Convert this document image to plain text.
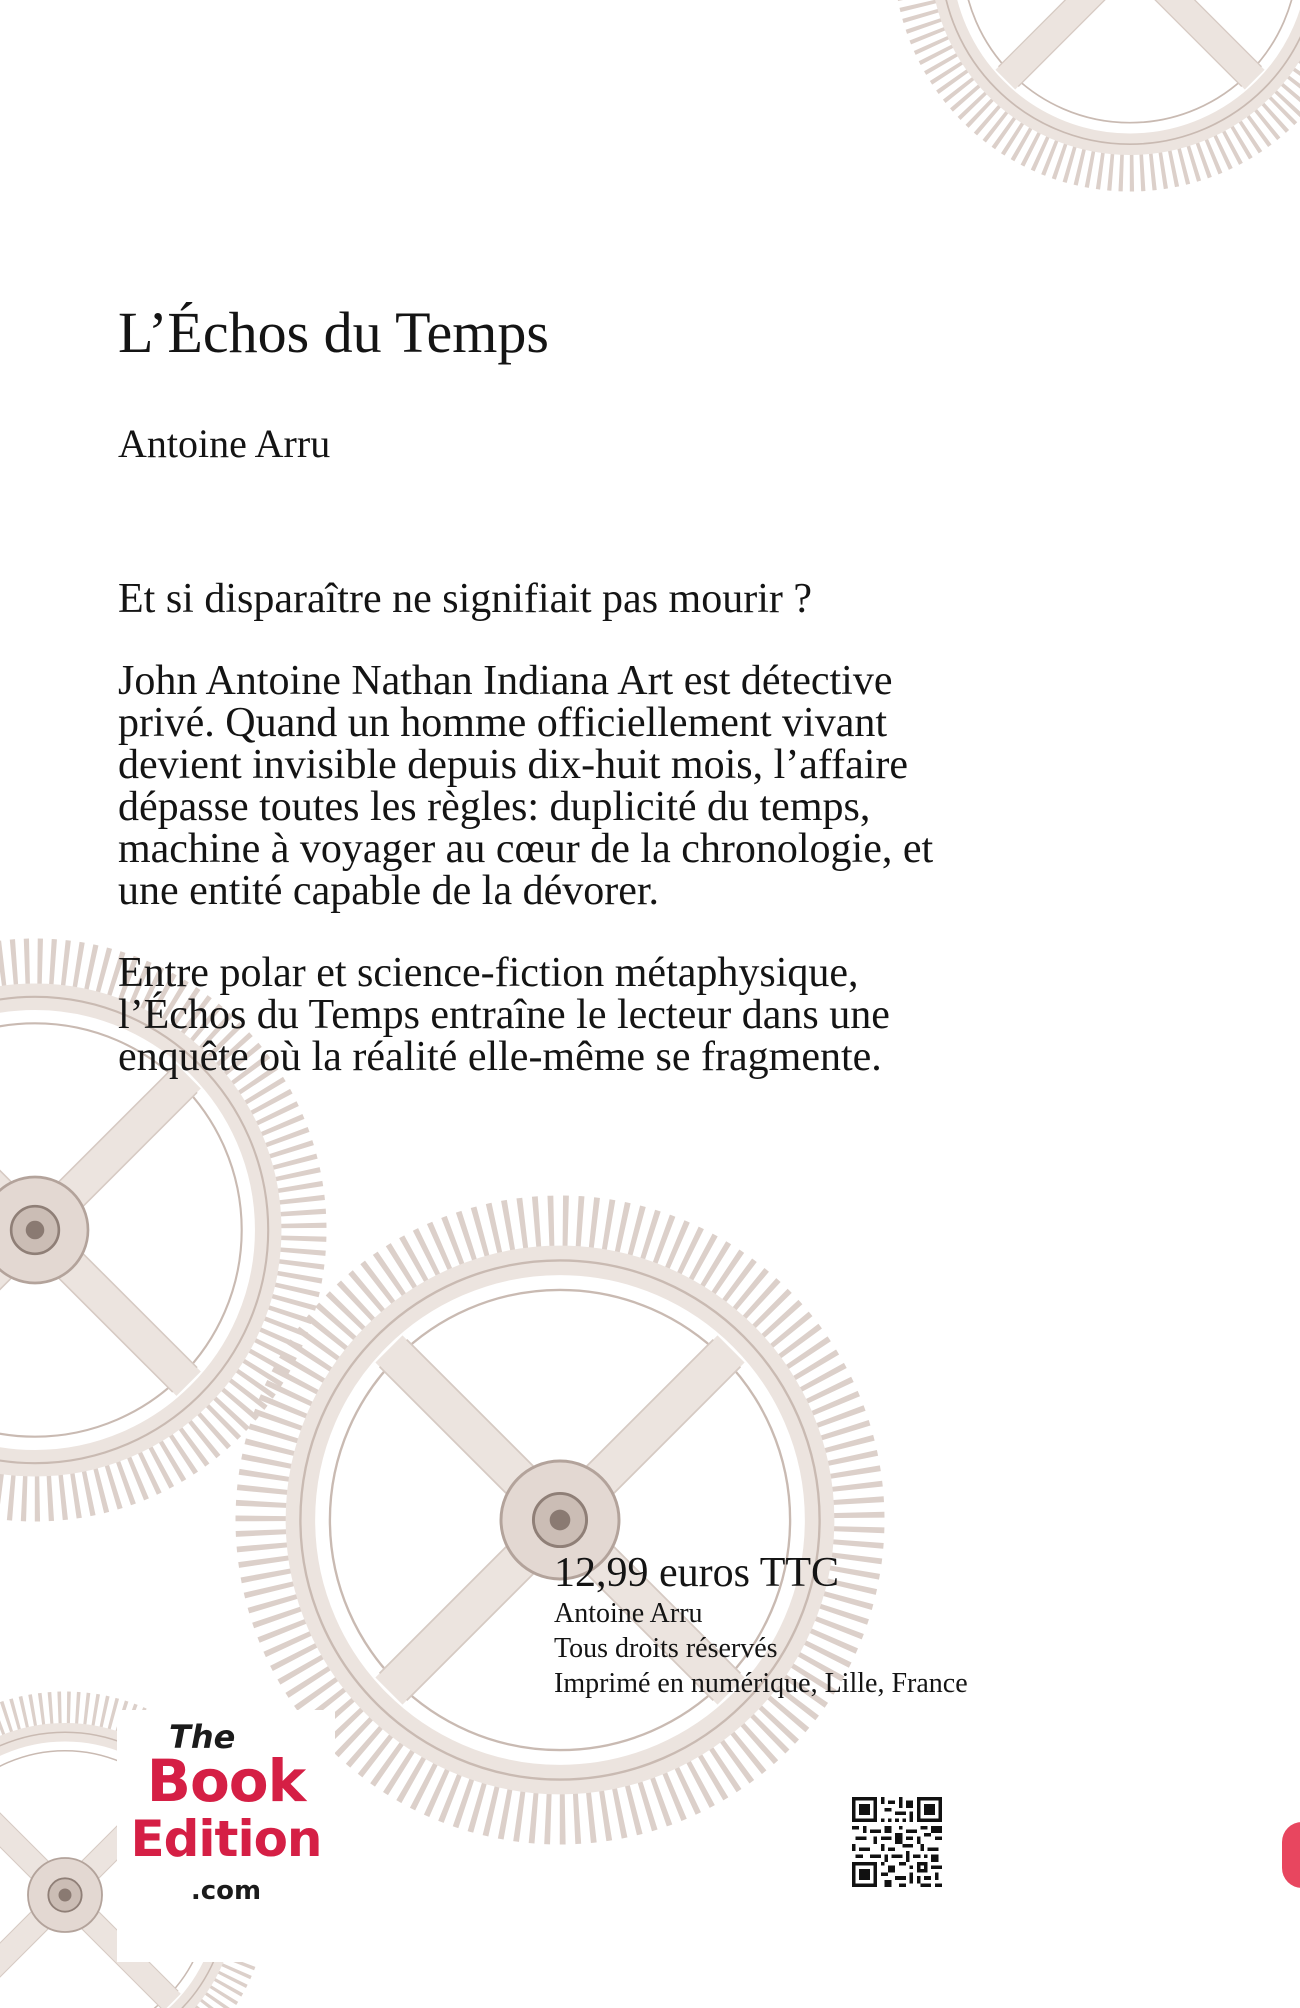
L’Échos du Temps
Antoine Arru

Et si disparaître ne signifiait pas mourir ?

John Antoine Nathan Indiana Art est détective privé. Quand un homme officiellement vivant devient invisible depuis dix-huit mois, l’affaire dépasse toutes les règles: duplicité du temps, machine à voyager au cœur de la chronologie, et une entité capable de la dévorer.

Entre polar et science-fiction métaphysique, l’Échos du Temps entraîne le lecteur dans une enquête où la réalité elle-même se fragmente.

12,99 euros TTC
Antoine Arru
Tous droits réservés
Imprimé en numérique, Lille, France
The
Book
Edition
.com
